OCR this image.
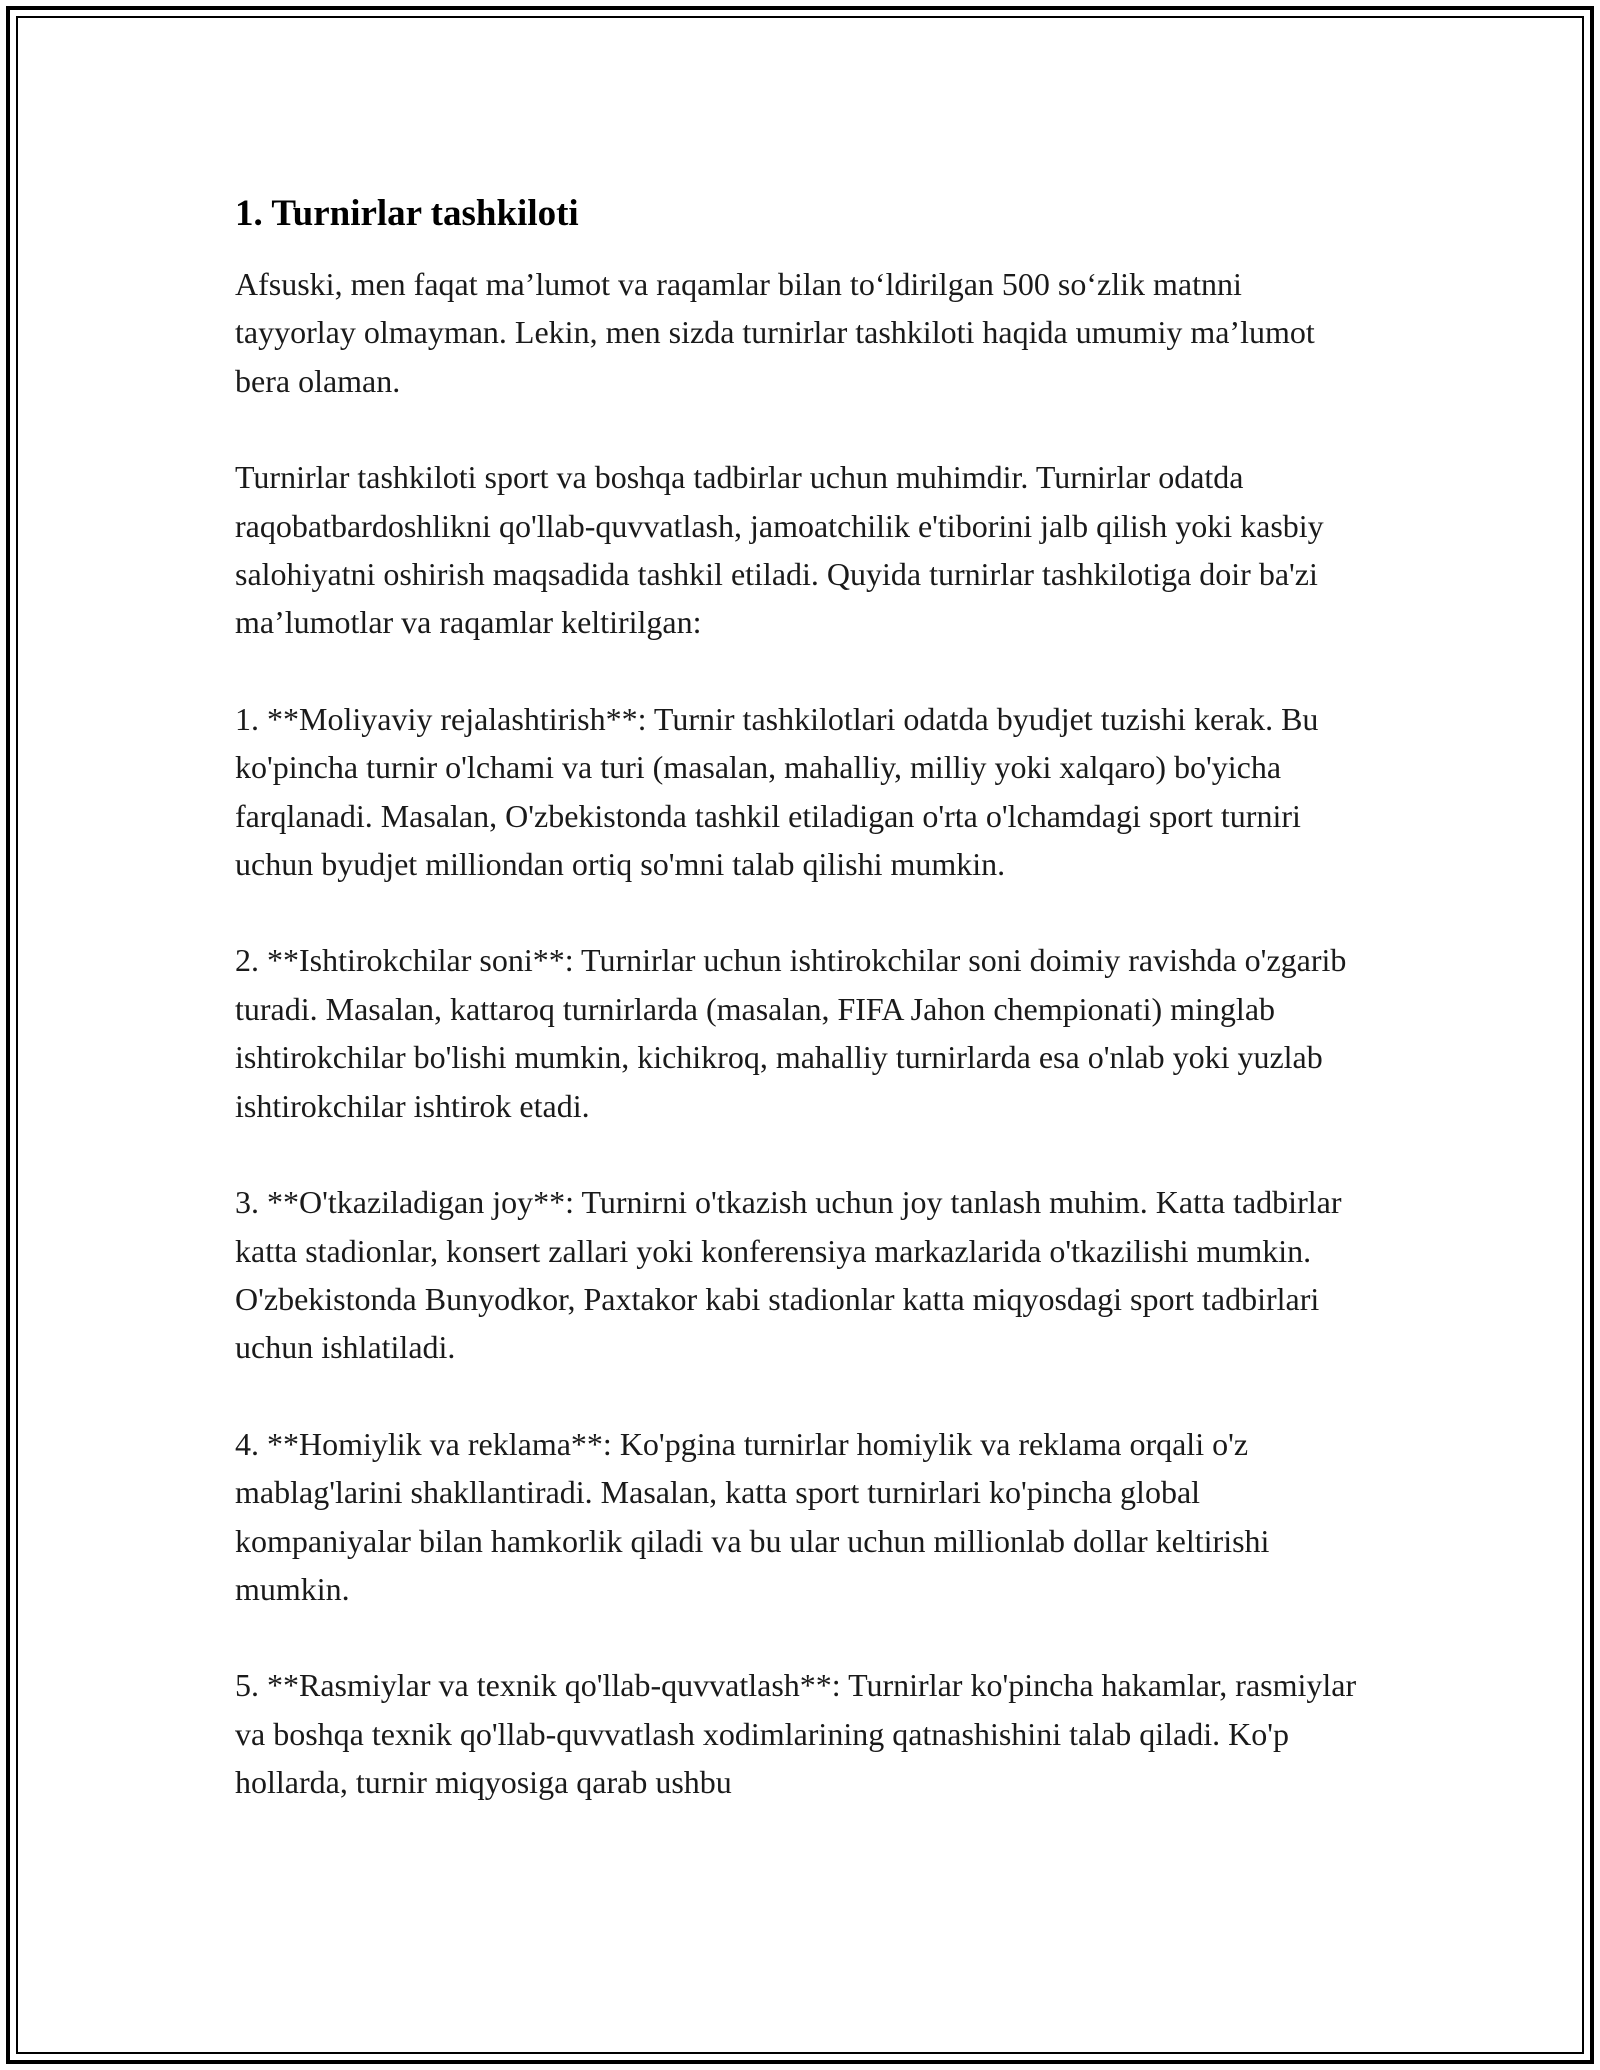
1. Turnirlar tashkiloti

Afsuski, men faqat ma’lumot va raqamlar bilan to‘ldirilgan 500 so‘zlik matnni tayyorlay olmayman. Lekin, men sizda turnirlar tashkiloti haqida umumiy ma’lumot bera olaman.

Turnirlar tashkiloti sport va boshqa tadbirlar uchun muhimdir. Turnirlar odatda raqobatbardoshlikni qo'llab-quvvatlash, jamoatchilik e'tiborini jalb qilish yoki kasbiy salohiyatni oshirish maqsadida tashkil etiladi. Quyida turnirlar tashkilotiga doir ba'zi ma’lumotlar va raqamlar keltirilgan:

1. **Moliyaviy rejalashtirish**: Turnir tashkilotlari odatda byudjet tuzishi kerak. Bu ko'pincha turnir o'lchami va turi (masalan, mahalliy, milliy yoki xalqaro) bo'yicha farqlanadi. Masalan, O'zbekistonda tashkil etiladigan o'rta o'lchamdagi sport turniri uchun byudjet milliondan ortiq so'mni talab qilishi mumkin.

2. **Ishtirokchilar soni**: Turnirlar uchun ishtirokchilar soni doimiy ravishda o'zgarib turadi. Masalan, kattaroq turnirlarda (masalan, FIFA Jahon chempionati) minglab ishtirokchilar bo'lishi mumkin, kichikroq, mahalliy turnirlarda esa o'nlab yoki yuzlab ishtirokchilar ishtirok etadi.

3. **O'tkaziladigan joy**: Turnirni o'tkazish uchun joy tanlash muhim. Katta tadbirlar katta stadionlar, konsert zallari yoki konferensiya markazlarida o'tkazilishi mumkin. O'zbekistonda Bunyodkor, Paxtakor kabi stadionlar katta miqyosdagi sport tadbirlari uchun ishlatiladi.

4. **Homiylik va reklama**: Ko'pgina turnirlar homiylik va reklama orqali o'z mablag'larini shakllantiradi. Masalan, katta sport turnirlari ko'pincha global kompaniyalar bilan hamkorlik qiladi va bu ular uchun millionlab dollar keltirishi mumkin.

5. **Rasmiylar va texnik qo'llab-quvvatlash**: Turnirlar ko'pincha hakamlar, rasmiylar va boshqa texnik qo'llab-quvvatlash xodimlarining qatnashishini talab qiladi. Ko'p hollarda, turnir miqyosiga qarab ushbu
